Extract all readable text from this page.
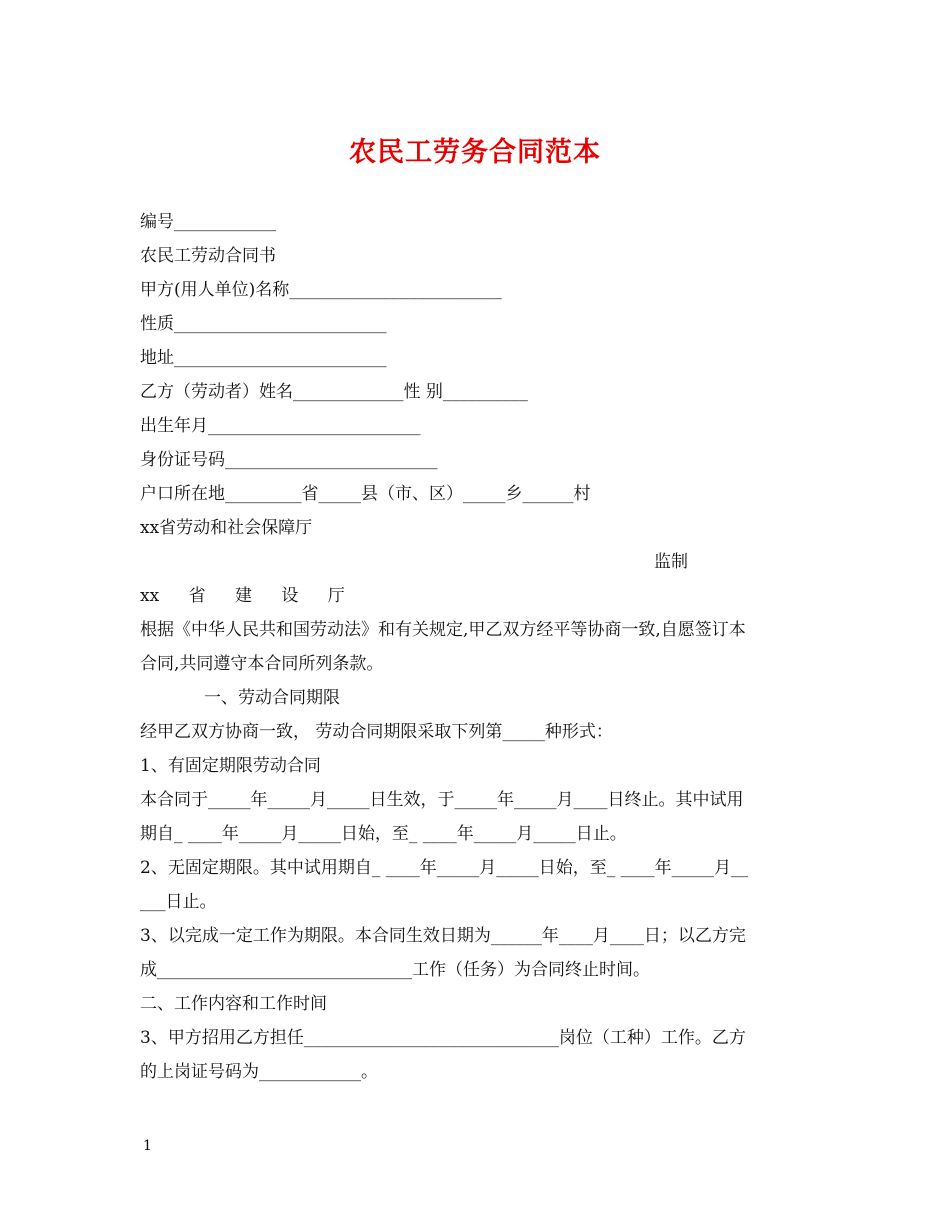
农民工劳务合同范本
编号____________
农民工劳动合同书
甲方(用人单位)名称_________________________
性质_________________________
地址_________________________
乙方（劳动者）姓名_____________性 别__________
出生年月_________________________
身份证号码_________________________
户口所在地_________省_____县（市、区）_____乡______村
xx省劳动和社会保障厅
监制
xx 省 建 设 厅
根据《中华人民共和国劳动法》和有关规定,甲乙双方经平等协商一致,自愿签订本
合同,共同遵守本合同所列条款。
一、劳动合同期限
经甲乙双方协商一致， 劳动合同期限采取下列第_____种形式：
1、有固定期限劳动合同
本合同于_____年_____月_____日生效，于_____年_____月____日终止。其中试用
期自_ ____年_____月_____日始，至_ ____年_____月_____日止。
2、无固定期限。其中试用期自_ ____年_____月_____日始，至_ ____年_____月__
___日止。
3、以完成一定工作为期限。本合同生效日期为______年____月____日；以乙方完
成______________________________工作（任务）为合同终止时间。
二、工作内容和工作时间
3、甲方招用乙方担任______________________________岗位（工种）工作。乙方
的上岗证号码为____________。
1
